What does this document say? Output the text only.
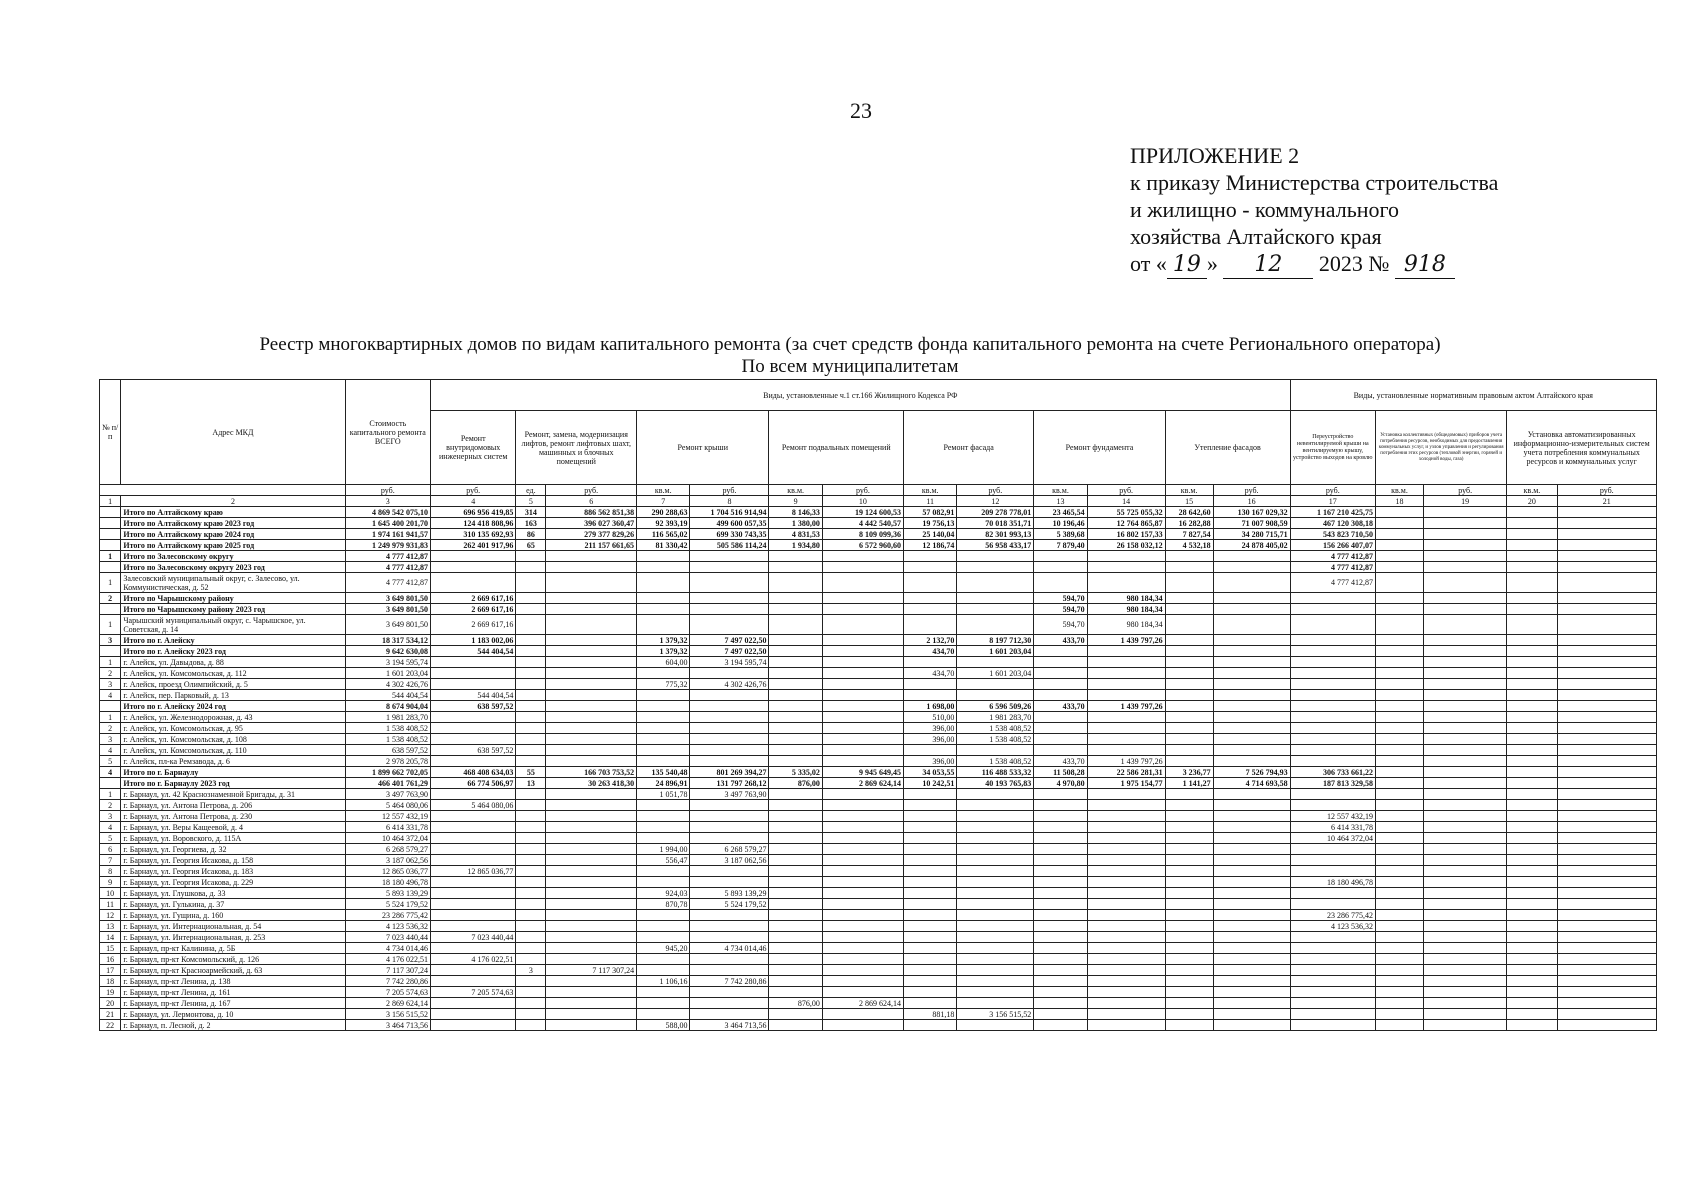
23
ПРИЛОЖЕНИЕ 2
к приказу Министерства строительства
и жилищно - коммунального
хозяйства Алтайского края
от « 19 » 12 2023 № 918
Реестр многоквартирных домов по видам капитального ремонта (за счет средств фонда капитального ремонта на счете Регионального оператора)
По всем муниципалитетам
№ п/п	Адрес МКД	Стоимость капитального ремонта ВСЕГО	Виды, установленные ч.1 ст.166 Жилищного Кодекса РФ													Виды, установленные нормативным правовым актом Алтайского края				
			Ремонт внутридомовых инженерных систем	Ремонт, замена, модернизация лифтов, ремонт лифтовых шахт, машинных и блочных помещений		Ремонт крыши		Ремонт подвальных помещений		Ремонт фасада		Ремонт фундамента		Утепление фасадов		Переустройство невентилируемой крыши на вентилируемую крышу, устройство выходов на кровлю	Установка коллективных (общедомовых) приборов учета потребления ресурсов, необходимых для предоставления коммунальных услуг, и узлов управления и регулирования потребления этих ресурсов (тепловой энергии, горячей и холодной воды, газа)		Установка автоматизированных информационно-измерительных систем учета потребления коммунальных ресурсов и коммунальных услуг	
		руб.	руб.	ед.	руб.	кв.м.	руб.	кв.м.	руб.	кв.м.	руб.	кв.м.	руб.	кв.м.	руб.	руб.	кв.м.	руб.	кв.м.	руб.
1	2	3	4	5	6	7	8	9	10	11	12	13	14	15	16	17	18	19	20	21
	Итого по Алтайскому краю	4 869 542 075,10	696 956 419,85	314	886 562 851,38	290 288,63	1 704 516 914,94	8 146,33	19 124 600,53	57 082,91	209 278 778,01	23 465,54	55 725 055,32	28 642,60	130 167 029,32	1 167 210 425,75				
	Итого по Алтайскому краю 2023 год	1 645 400 201,70	124 418 808,96	163	396 027 360,47	92 393,19	499 600 057,35	1 380,00	4 442 540,57	19 756,13	70 018 351,71	10 196,46	12 764 865,87	16 282,88	71 007 908,59	467 120 308,18				
	Итого по Алтайскому краю 2024 год	1 974 161 941,57	310 135 692,93	86	279 377 829,26	116 565,02	699 330 743,35	4 831,53	8 109 099,36	25 140,04	82 301 993,13	5 389,68	16 802 157,33	7 827,54	34 280 715,71	543 823 710,50				
	Итого по Алтайскому краю 2025 год	1 249 979 931,83	262 401 917,96	65	211 157 661,65	81 330,42	505 586 114,24	1 934,80	6 572 960,60	12 186,74	56 958 433,17	7 879,40	26 158 032,12	4 532,18	24 878 405,02	156 266 407,07				
1	Итого по Залесовскому округу	4 777 412,87														4 777 412,87				
	Итого по Залесовскому округу 2023 год	4 777 412,87														4 777 412,87				
1	Залесовский муниципальный округ, с. Залесово, ул. Коммунистическая, д. 52	4 777 412,87														4 777 412,87				
2	Итого по Чарышскому району	3 649 801,50	2 669 617,16									594,70	980 184,34							
	Итого по Чарышскому району 2023 год	3 649 801,50	2 669 617,16									594,70	980 184,34							
1	Чарышский муниципальный округ, с. Чарышское, ул. Советская, д. 14	3 649 801,50	2 669 617,16									594,70	980 184,34							
3	Итого по г. Алейску	18 317 534,12	1 183 002,06			1 379,32	7 497 022,50			2 132,70	8 197 712,30	433,70	1 439 797,26							
	Итого по г. Алейску 2023 год	9 642 630,08	544 404,54			1 379,32	7 497 022,50			434,70	1 601 203,04									
1	г. Алейск, ул. Давыдова, д. 88	3 194 595,74				604,00	3 194 595,74													
2	г. Алейск, ул. Комсомольская, д. 112	1 601 203,04								434,70	1 601 203,04									
3	г. Алейск, проезд Олимпийский, д. 5	4 302 426,76				775,32	4 302 426,76													
4	г. Алейск, пер. Парковый, д. 13	544 404,54	544 404,54																	
	Итого по г. Алейску 2024 год	8 674 904,04	638 597,52							1 698,00	6 596 509,26	433,70	1 439 797,26							
1	г. Алейск, ул. Железнодорожная, д. 43	1 981 283,70								510,00	1 981 283,70									
2	г. Алейск, ул. Комсомольская, д. 95	1 538 408,52								396,00	1 538 408,52									
3	г. Алейск, ул. Комсомольская, д. 108	1 538 408,52								396,00	1 538 408,52									
4	г. Алейск, ул. Комсомольская, д. 110	638 597,52	638 597,52																	
5	г. Алейск, пл-ка Ремзавода, д. 6	2 978 205,78								396,00	1 538 408,52	433,70	1 439 797,26							
4	Итого по г. Барнаулу	1 899 662 702,05	468 408 634,03	55	166 703 753,52	135 540,48	801 269 394,27	5 335,02	9 945 649,45	34 053,55	116 488 533,32	11 508,28	22 586 281,31	3 236,77	7 526 794,93	306 733 661,22				
	Итого по г. Барнаулу 2023 год	466 401 761,29	66 774 506,97	13	30 263 418,30	24 896,91	131 797 268,12	876,00	2 869 624,14	10 242,51	40 193 765,83	4 970,80	1 975 154,77	1 141,27	4 714 693,58	187 813 329,58				
1	г. Барнаул, ул. 42 Краснознаменной Бригады, д. 31	3 497 763,90				1 051,78	3 497 763,90													
2	г. Барнаул, ул. Антона Петрова, д. 206	5 464 080,06	5 464 080,06																	
3	г. Барнаул, ул. Антона Петрова, д. 230	12 557 432,19														12 557 432,19				
4	г. Барнаул, ул. Веры Кащеевой, д. 4	6 414 331,78														6 414 331,78				
5	г. Барнаул, ул. Воровского, д. 115А	10 464 372,04														10 464 372,04				
6	г. Барнаул, ул. Георгиева, д. 32	6 268 579,27				1 994,00	6 268 579,27													
7	г. Барнаул, ул. Георгия Исакова, д. 158	3 187 062,56				556,47	3 187 062,56													
8	г. Барнаул, ул. Георгия Исакова, д. 183	12 865 036,77	12 865 036,77																	
9	г. Барнаул, ул. Георгия Исакова, д. 229	18 180 496,78														18 180 496,78				
10	г. Барнаул, ул. Глушкова, д. 33	5 893 139,29				924,03	5 893 139,29													
11	г. Барнаул, ул. Гулькина, д. 37	5 524 179,52				870,78	5 524 179,52													
12	г. Барнаул, ул. Гущина, д. 160	23 286 775,42														23 286 775,42				
13	г. Барнаул, ул. Интернациональная, д. 54	4 123 536,32														4 123 536,32				
14	г. Барнаул, ул. Интернациональная, д. 253	7 023 440,44	7 023 440,44																	
15	г. Барнаул, пр-кт Калинина, д. 5Б	4 734 014,46				945,20	4 734 014,46													
16	г. Барнаул, пр-кт Комсомольский, д. 126	4 176 022,51	4 176 022,51																	
17	г. Барнаул, пр-кт Красноармейский, д. 63	7 117 307,24		3	7 117 307,24															
18	г. Барнаул, пр-кт Ленина, д. 138	7 742 280,86				1 106,16	7 742 280,86													
19	г. Барнаул, пр-кт Ленина, д. 161	7 205 574,63	7 205 574,63																	
20	г. Барнаул, пр-кт Ленина, д. 167	2 869 624,14						876,00	2 869 624,14											
21	г. Барнаул, ул. Лермонтова, д. 10	3 156 515,52								881,18	3 156 515,52									
22	г. Барнаул, п. Лесной, д. 2	3 464 713,56				588,00	3 464 713,56													
